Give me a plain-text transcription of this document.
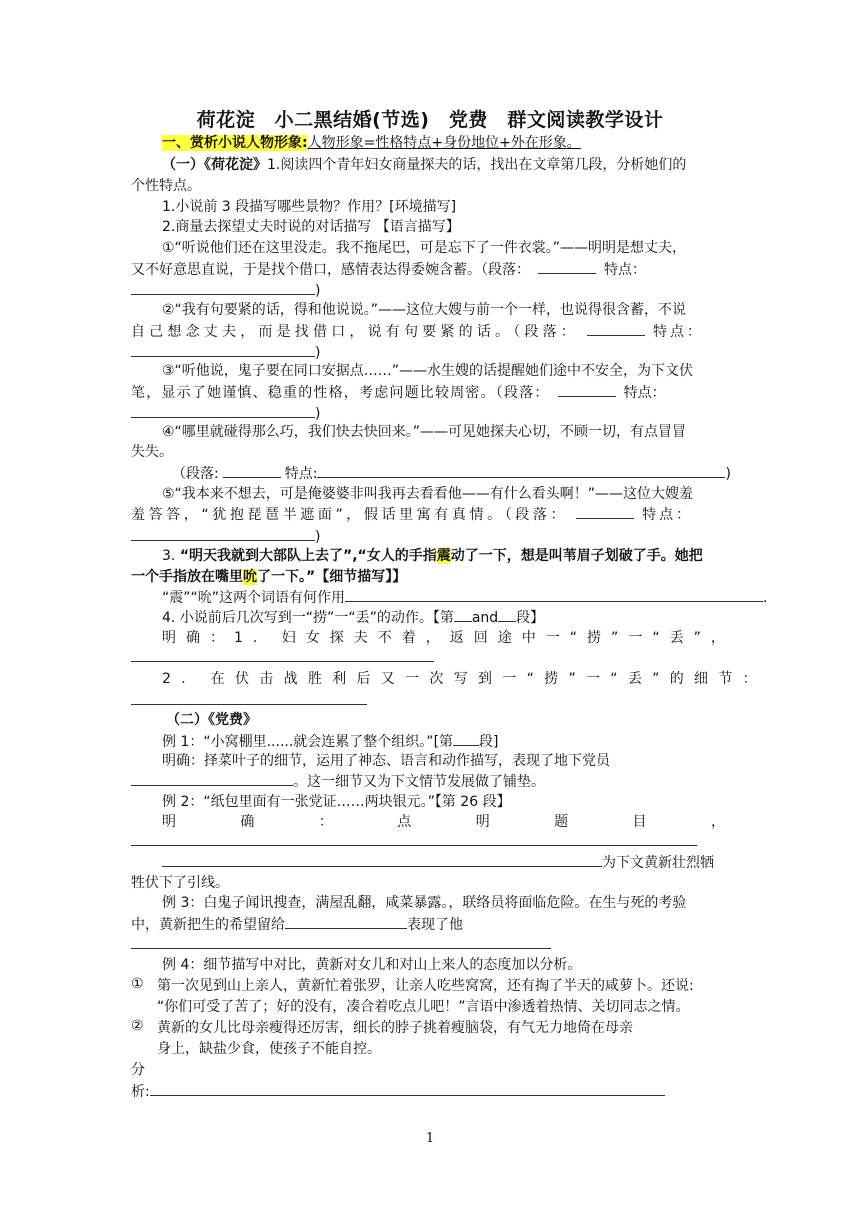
荷花淀　小二黑结婚(节选)　党费　群文阅读教学设计
一、赏析小说人物形象:人物形象=性格特点+身份地位+外在形象。
（一）《荷花淀》1.阅读四个青年妇女商量探夫的话，找出在文章第几段，分析她们的
个性特点。
1.小说前 3 段描写哪些景物？作用？[环境描写]
2.商量去探望丈夫时说的对话描写 【语言描写】
①“听说他们还在这里没走。我不拖尾巴，可是忘下了一件衣裳。”——明明是想丈夫，
又不好意思直说，于是找个借口，感情表达得委婉含蓄。（段落：	特点：
)
②“我有句要紧的话，得和他说说。”——这位大嫂与前一个一样，也说得很含蓄，不说
自己想念丈夫，而是找借口，说有句要紧的话。（段落：	特点：
)
③“听他说，鬼子要在同口安据点……”——水生嫂的话提醒她们途中不安全，为下文伏
笔，显示了她谨慎、稳重的性格，考虑问题比较周密。（段落：	特点：
)
④“哪里就碰得那么巧，我们快去快回来。”——可见她探夫心切，不顾一切，有点冒冒
失失。
（段落:	特点:	)
⑤“我本来不想去，可是俺婆婆非叫我再去看看他——有什么看头啊！”——这位大嫂羞
羞答答，“犹抱琵琶半遮面”，假话里寓有真情。（段落：	特点：
)
3. “明天我就到大部队上去了”,“女人的手指震动了一下，想是叫苇眉子划破了手。她把
一个手指放在嘴里吮了一下。”【细节描写】】
“震”“吮”这两个词语有何作用	.
4. 小说前后几次写到一“捞”一“丢”的动作。【第 and 段】
明确： 1. 妇女探夫不着，返回途中一“捞”一“丢”，
2. 在伏击战胜利后又一次写到一“捞”一“丢”的细节：
（二）《党费》
例 1：“小窝棚里......就会连累了整个组织。”[第 段]
明确：择菜叶子的细节，运用了神态、语言和动作描写，表现了地下党员
。这一细节又为下文情节发展做了铺垫。
例 2：“纸包里面有一张党证……两块银元。”【第 26 段】
明	确	：	点	明	题	目	，
为下文黄新壮烈牺
牲伏下了引线。
例 3：白鬼子闻讯搜查，满屋乱翻，咸菜暴露。，联络员将面临危险。在生与死的考验
中，黄新把生的希望留给	表现了他
例 4：细节描写中对比，黄新对女儿和对山上来人的态度加以分析。
① 第一次见到山上亲人，黄新忙着张罗，让亲人吃些窝窝，还有掏了半天的咸萝卜。还说:
“你们可受了苦了；好的没有，凑合着吃点儿吧！”言语中渗透着热情、关切同志之情。
② 黄新的女儿比母亲瘦得还厉害，细长的脖子挑着瘦脑袋，有气无力地倚在母亲
身上，缺盐少食，使孩子不能自控。
分
析:
1
